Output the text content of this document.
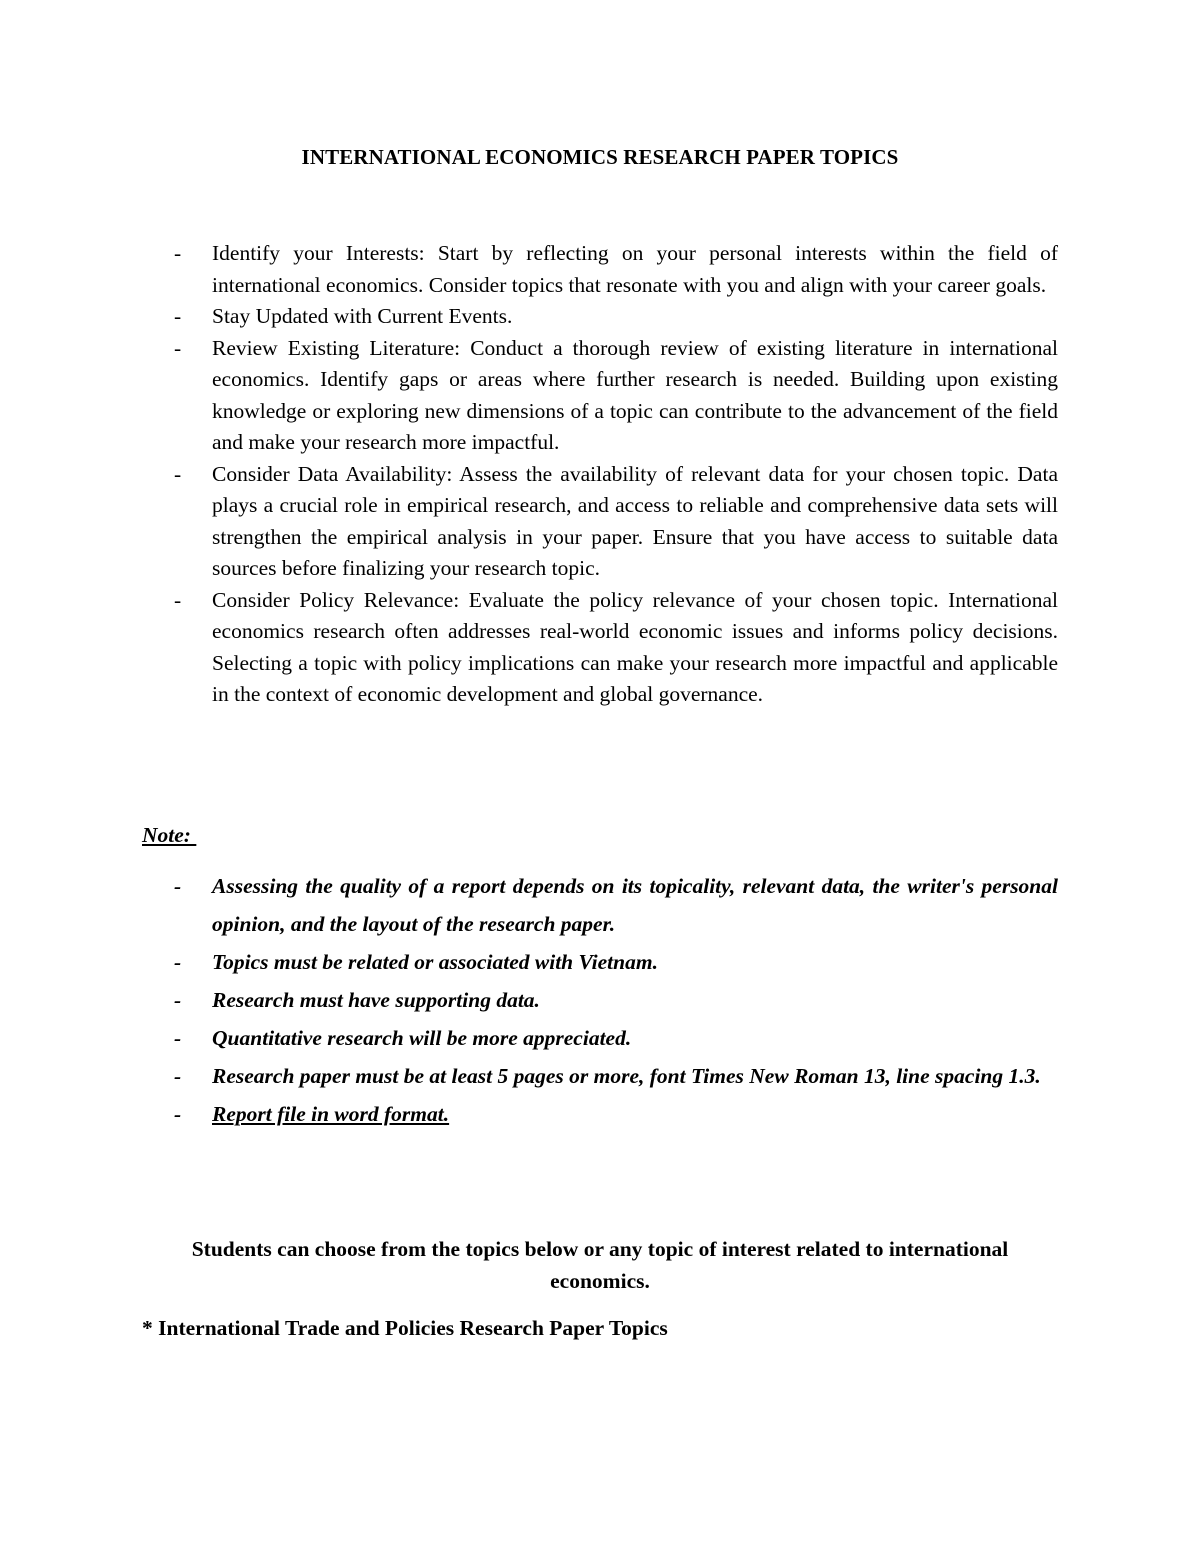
INTERNATIONAL ECONOMICS RESEARCH PAPER TOPICS
- Identify your Interests: Start by reflecting on your personal interests within the field of international economics. Consider topics that resonate with you and align with your career goals.
- Stay Updated with Current Events.
- Review Existing Literature: Conduct a thorough review of existing literature in international economics. Identify gaps or areas where further research is needed. Building upon existing knowledge or exploring new dimensions of a topic can contribute to the advancement of the field and make your research more impactful.
- Consider Data Availability: Assess the availability of relevant data for your chosen topic. Data plays a crucial role in empirical research, and access to reliable and comprehensive data sets will strengthen the empirical analysis in your paper. Ensure that you have access to suitable data sources before finalizing your research topic.
- Consider Policy Relevance: Evaluate the policy relevance of your chosen topic. International economics research often addresses real-world economic issues and informs policy decisions. Selecting a topic with policy implications can make your research more impactful and applicable in the context of economic development and global governance.
Note:
- Assessing the quality of a report depends on its topicality, relevant data, the writer's personal opinion, and the layout of the research paper.
- Topics must be related or associated with Vietnam.
- Research must have supporting data.
- Quantitative research will be more appreciated.
- Research paper must be at least 5 pages or more, font Times New Roman 13, line spacing 1.3.
- Report file in word format.
Students can choose from the topics below or any topic of interest related to international economics.
* International Trade and Policies Research Paper Topics
